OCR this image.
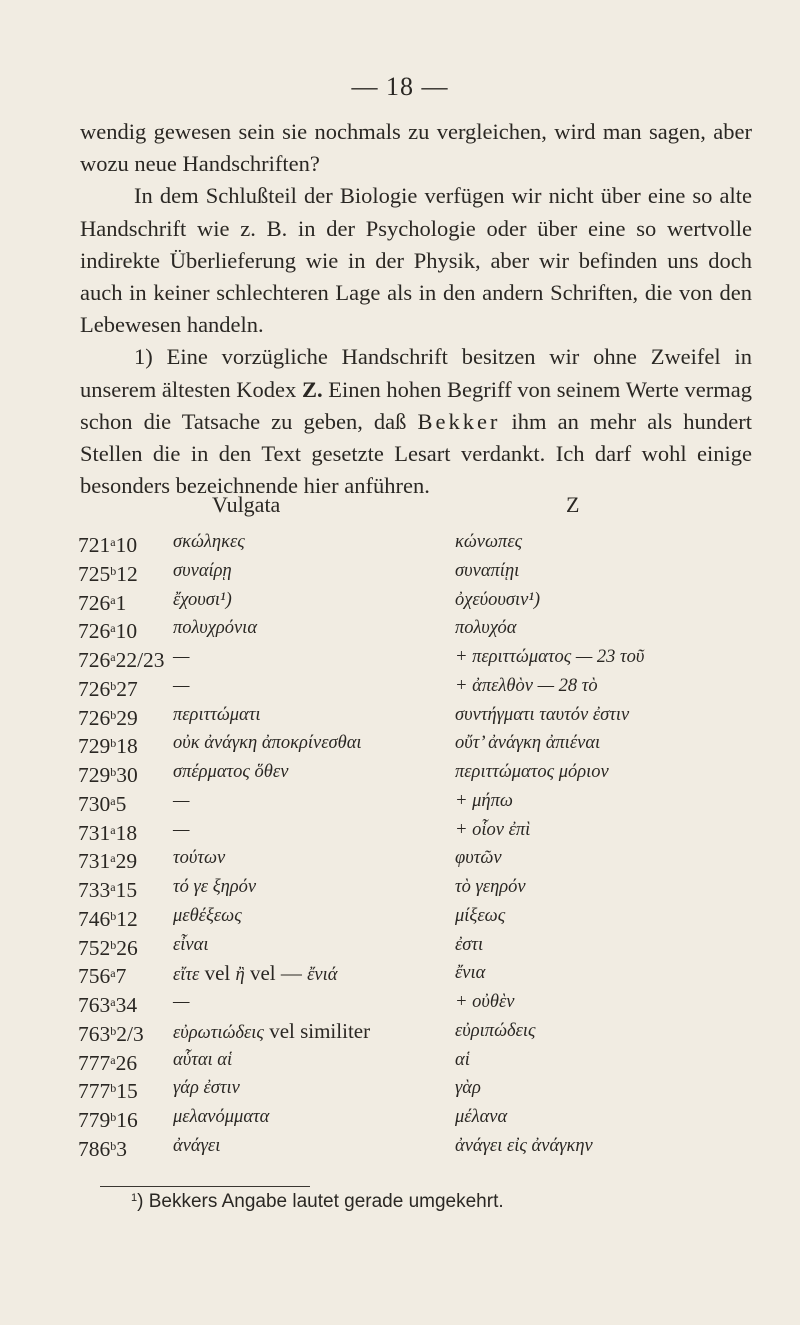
— 18 —

wendig gewesen sein sie nochmals zu vergleichen, wird man sagen, aber wozu neue Handschriften?

In dem Schlußteil der Biologie verfügen wir nicht über eine so alte Handschrift wie z. B. in der Psychologie oder über eine so wertvolle indirekte Überlieferung wie in der Physik, aber wir befinden uns doch auch in keiner schlechteren Lage als in den andern Schriften, die von den Lebewesen handeln.

1) Eine vorzügliche Handschrift besitzen wir ohne Zweifel in unserem ältesten Kodex Z. Einen hohen Begriff von seinem Werte vermag schon die Tatsache zu geben, daß Bekker ihm an mehr als hundert Stellen die in den Text gesetzte Lesart verdankt. Ich darf wohl einige besonders bezeichnende hier anführen.

Vulgata	Z
721$^a$10 σκώληκες	κώνωπες
725$^b$12 συναίρῃ	συναπίῃι
726$^a$1	ἔχουσι¹)	ὀχεύουσιν¹)
726$^a$10 πολυχρόνια	πολυχόα
726$^a$22/23 —	+ περιττώματος — 23 τοῦ
726$^b$27 —	+ ἀπελθὸν — 28 τὸ
726$^b$29 περιττώματι	συντήγματι ταυτόν ἐστιν
729$^b$18 οὐκ ἀνάγκη ἀποκρίνεσθαι	οὔτ’ ἀνάγκη ἀπιέναι
729$^b$30 σπέρματος ὅθεν	περιττώματος μόριον
730$^a$5	—	+ μήπω
731$^a$18 —	+ οἷον ἐπὶ
731$^a$29 τούτων	φυτῶν
733$^a$15 τό γε ξηρόν	τὸ γεηρόν
746$^b$12 μεθέξεως	μίξεως
752$^b$26 εἶναι	ἐστι
756$^a$7	εἴτε vel ἢ vel — ἔνιά	ἔνια
763$^a$34 —	+ οὐθὲν
763$^b$2/3 εὐρωτιώδεις vel similiter	εὐριπώδεις
777$^a$26 αὗται αἱ	αἱ
777$^b$15 γάρ ἐστιν	γὰρ
779$^b$16 μελανόμματα	μέλανα
786$^b$3 ἀνάγει	ἀνάγει εἰς ἀνάγκην
$^1$) Bekkers Angabe lautet gerade umgekehrt.
